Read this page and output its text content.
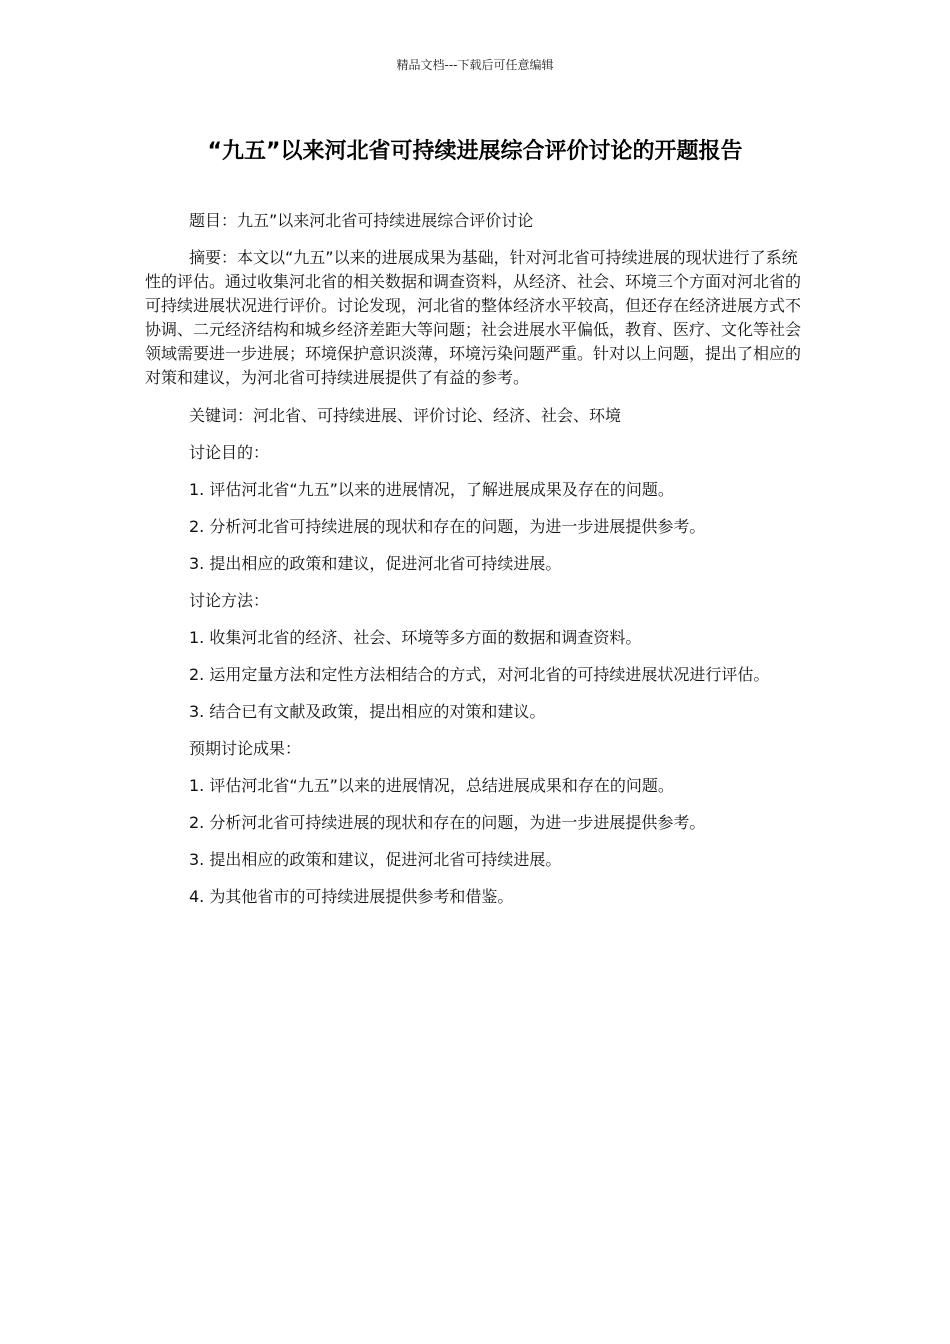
精品文档---下载后可任意编辑
“九五”以来河北省可持续进展综合评价讨论的开题报告

题目：九五”以来河北省可持续进展综合评价讨论

摘要：本文以“九五”以来的进展成果为基础，针对河北省可持续进展的现状进行了系统性的评估。通过收集河北省的相关数据和调查资料，从经济、社会、环境三个方面对河北省的可持续进展状况进行评价。讨论发现，河北省的整体经济水平较高，但还存在经济进展方式不协调、二元经济结构和城乡经济差距大等问题；社会进展水平偏低，教育、医疗、文化等社会领域需要进一步进展；环境保护意识淡薄，环境污染问题严重。针对以上问题，提出了相应的对策和建议，为河北省可持续进展提供了有益的参考。

关键词：河北省、可持续进展、评价讨论、经济、社会、环境

讨论目的：

1. 评估河北省“九五”以来的进展情况，了解进展成果及存在的问题。

2. 分析河北省可持续进展的现状和存在的问题，为进一步进展提供参考。

3. 提出相应的政策和建议，促进河北省可持续进展。

讨论方法：

1. 收集河北省的经济、社会、环境等多方面的数据和调查资料。

2. 运用定量方法和定性方法相结合的方式，对河北省的可持续进展状况进行评估。

3. 结合已有文献及政策，提出相应的对策和建议。

预期讨论成果：

1. 评估河北省“九五”以来的进展情况，总结进展成果和存在的问题。

2. 分析河北省可持续进展的现状和存在的问题，为进一步进展提供参考。

3. 提出相应的政策和建议，促进河北省可持续进展。

4. 为其他省市的可持续进展提供参考和借鉴。
